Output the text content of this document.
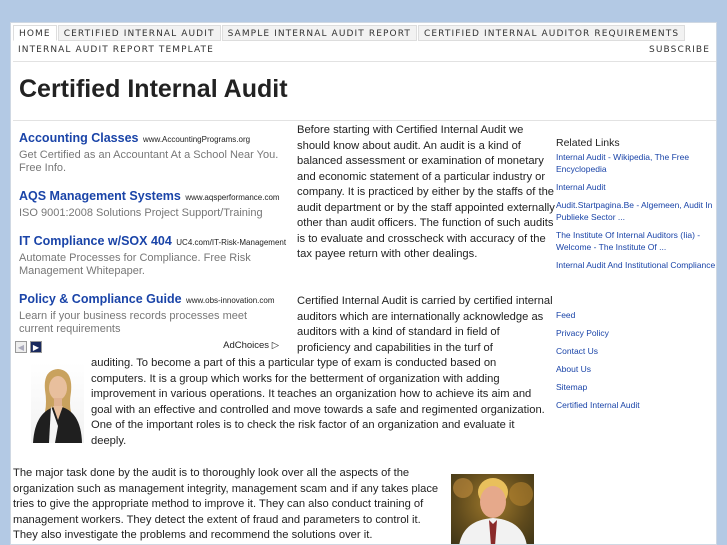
HOME	CERTIFIED INTERNAL AUDIT	SAMPLE INTERNAL AUDIT REPORT	CERTIFIED INTERNAL AUDITOR REQUIREMENTS
INTERNAL AUDIT REPORT TEMPLATE	SUBSCRIBE
Certified Internal Audit
Accounting Classes www.AccountingPrograms.org
Get Certified as an Accountant At a School Near You. Free Info.
AQS Management Systems www.aqsperformance.com
ISO 9001:2008 Solutions Project Support/Training
IT Compliance w/SOX 404 UC4.com/IT-Risk-Management
Automate Processes for Compliance. Free Risk Management Whitepaper.
Policy & Compliance Guide www.obs-innovation.com
Learn if your business records processes meet current requirements
◀	▶	AdChoices ▷

Before starting with Certified Internal Audit we should know about audit. An audit is a kind of balanced assessment or examination of monetary and economic statement of a particular industry or company. It is practiced by either by the staffs of the audit department or by the staff appointed externally other than audit officers. The function of such audits is to evaluate and crosscheck with accuracy of the tax payee return with other dealings.

Certified Internal Audit is carried by certified internal auditors which are internationally acknowledge as auditors with a kind of standard in field of proficiency and capabilities in the turf of

auditing. To become a part of this a particular type of exam is conducted based on computers. It is a group which works for the betterment of organization with adding improvement in various operations. It teaches an organization how to achieve its aim and goal with an effective and controlled and move towards a safe and regimented organization. One of the important roles is to check the risk factor of an organization and evaluate it deeply.

The major task done by the audit is to thoroughly look over all the aspects of the organization such as management integrity, management scam and if any takes place tries to give the appropriate method to improve it. They can also conduct training of management workers. They detect the extent of fraud and parameters to control it. They also investigate the problems and recommend the solutions over it.

Related Links
Internal Audit - Wikipedia, The Free Encyclopedia
Internal Audit
Audit.Startpagina.Be - Algemeen, Audit In Publieke Sector ...
The Institute Of Internal Auditors (Iia) - Welcome - The Institute Of ...
Internal Audit And Institutional Compliance
Feed
Privacy Policy
Contact Us
About Us
Sitemap
Certified Internal Audit
